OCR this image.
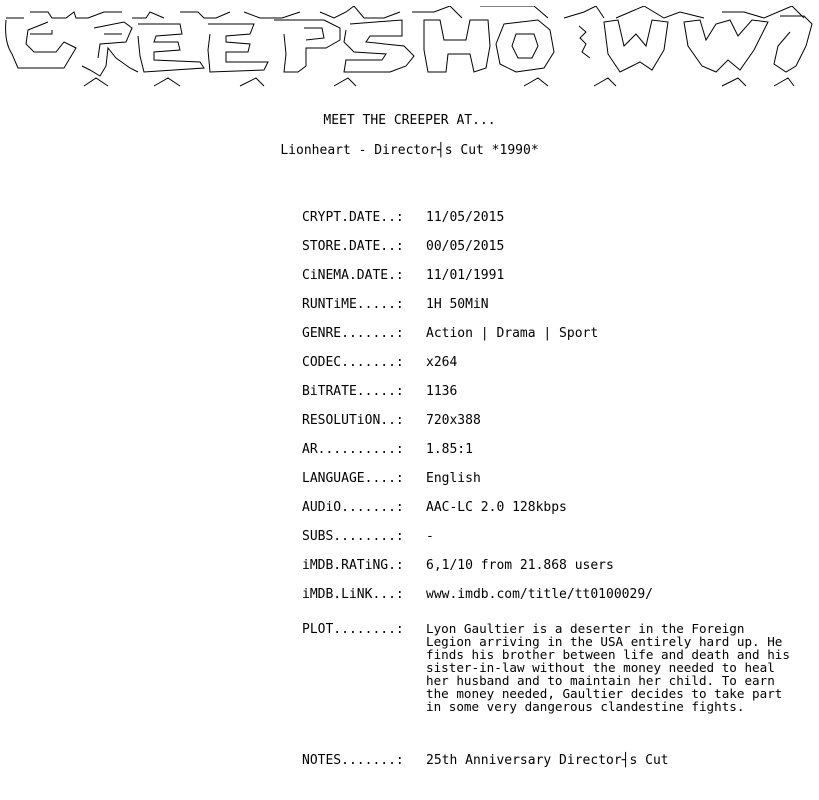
MEET THE CREEPER AT...
Lionheart - Director┤s Cut *1990*
CRYPT.DATE..:	11/05/2015
STORE.DATE..:	00/05/2015
CiNEMA.DATE.:	11/01/1991
RUNTiME.....:	1H 50MiN
GENRE.......:	Action | Drama | Sport
CODEC.......:	x264
BiTRATE.....:	1136
RESOLUTiON..:	720x388
AR..........:	1.85:1
LANGUAGE....:	English
AUDiO.......:	AAC-LC 2.0 128kbps
SUBS........:	-
iMDB.RATiNG.:	6,1/10 from 21.868 users
iMDB.LiNK...:	www.imdb.com/title/tt0100029/
PLOT........:	Lyon Gaultier is a deserter in the Foreign Legion arriving in the USA entirely hard up. He finds his brother between life and death and his sister-in-law without the money needed to heal her husband and to maintain her child. To earn the money needed, Gaultier decides to take part in some very dangerous clandestine fights.
NOTES.......:	25th Anniversary Director┤s Cut
